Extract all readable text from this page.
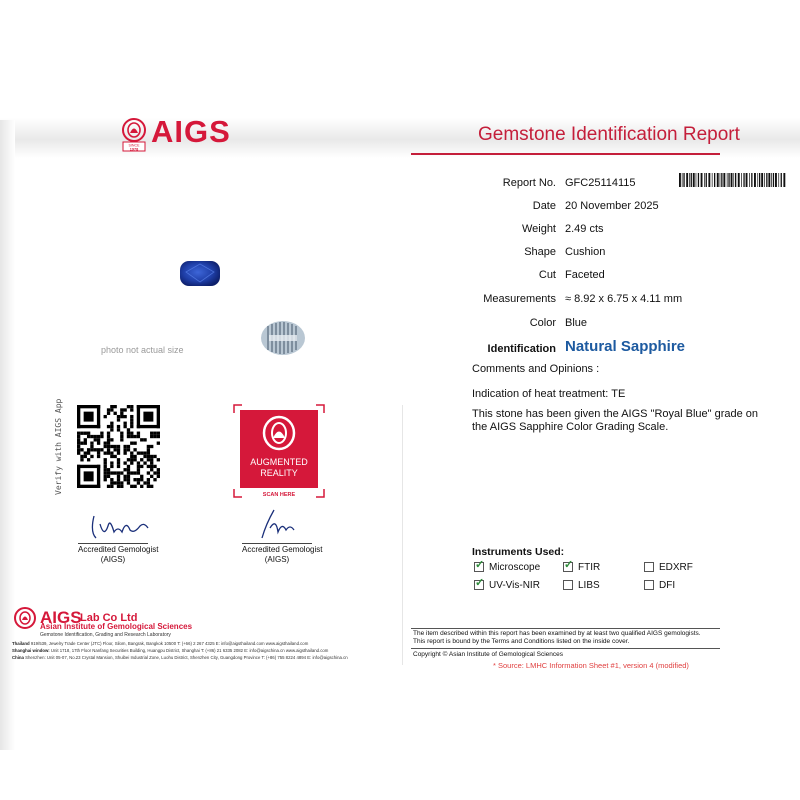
SINCE
1978
AIGS	Gemstone Identification Report
Report No. GFC25114115
Date 20 November 2025
Weight 2.49 cts
Shape Cushion
Cut Faceted
Measurements ≈ 8.92 x 6.75 x 4.11 mm
Color Blue
Identification Natural Sapphire
Comments and Opinions :
Indication of heat treatment: TE
This stone has been given the AIGS "Royal Blue" grade on the AIGS Sapphire Color Grading Scale.
photo not actual size
Verify with AIGS App	AUGMENTED
REALITY
SCAN HERE
Accredited Gemologist
(AIGS)
Accredited Gemologist
(AIGS)
Instruments Used:
✓Microscope
✓	FTIR	EDXRF
✓UV-Vis-NIR	LIBS	DFI
The item described within this report has been examined by at least two qualified AIGS gemologists.
This report is bound by the Terms and Conditions listed on the inside cover.
Copyright © Asian Institute of Gemological Sciences
* Source: LMHC Information Sheet #1, version 4 (modified)
AIGS
Lab Co Ltd
Asian Institute of Gemological Sciences
Gemstone Identification, Grading and Research Laboratory
Thailand 919/539, Jewelry Trade Center (JTC) Floor, Silom, Bangrak, Bangkok 10500 T: (+66) 2 267 4325 E: info@aigsthailand.com www.aigsthailand.com
Shanghai window: Unit 1718, 17th Floor Nanfang Securities Building, Huangpu District, Shanghai T: (+86) 21 6335 2082 E: info@aigschina.cn www.aigsthailand.com
China Shenzhen: Unit 05-07, No.23 Crystal Mansion, Shuibei Industrial Zone, Luohu District, Shenzhen City, Guangdong Province T: (+86) 755 8224 4894 E: info@aigschina.cn
